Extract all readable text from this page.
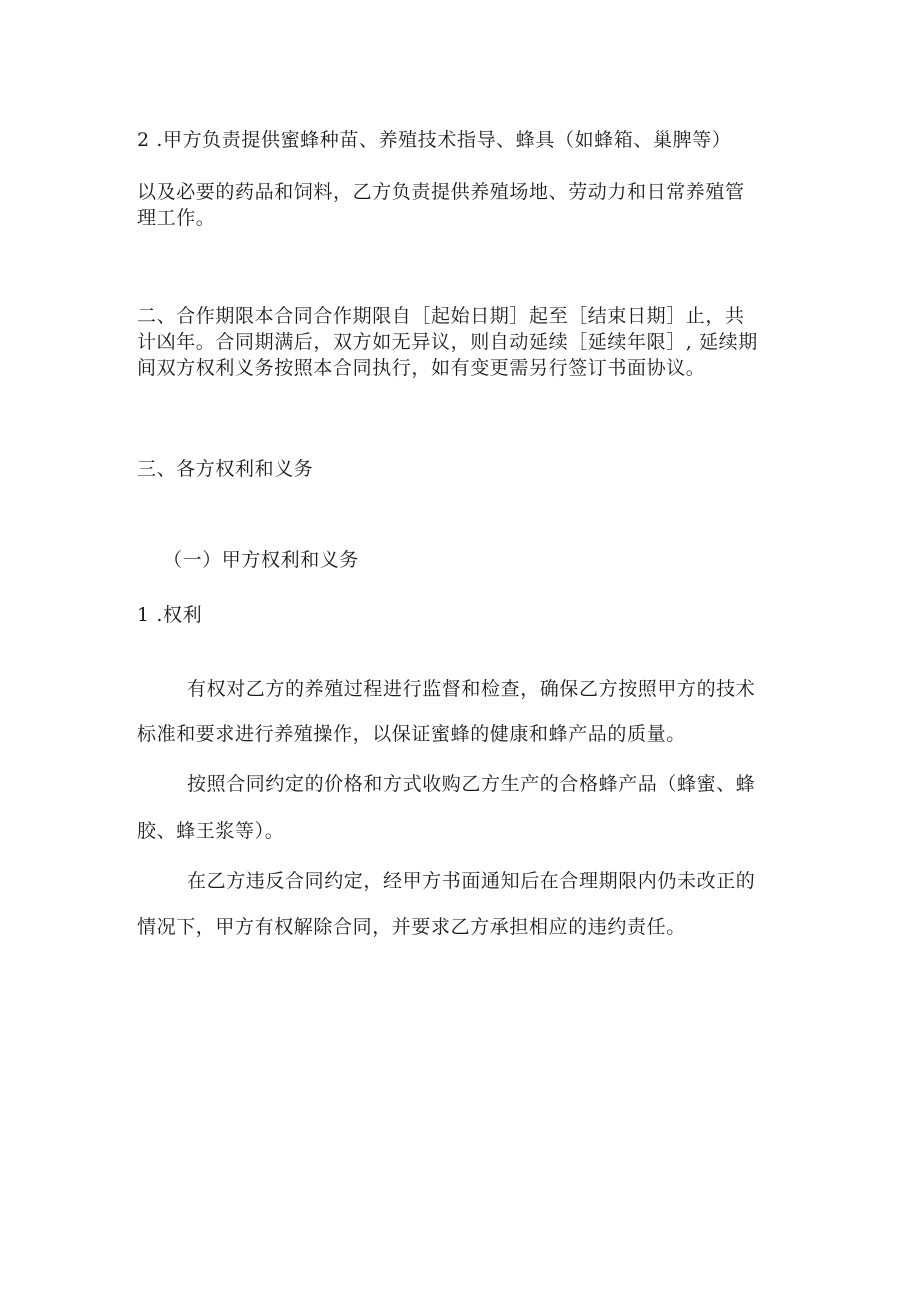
2 .甲方负责提供蜜蜂种苗、养殖技术指导、蜂具（如蜂箱、巢脾等）
以及必要的药品和饲料，乙方负责提供养殖场地、劳动力和日常养殖管
理工作。
二、合作期限本合同合作期限自［起始日期］起至［结束日期］止，共
计凶年。合同期满后，双方如无异议，则自动延续［延续年限］, 延续期
间双方权利义务按照本合同执行，如有变更需另行签订书面协议。
三、各方权利和义务
（一）甲方权利和义务
1 .权利
有权对乙方的养殖过程进行监督和检查，确保乙方按照甲方的技术
标准和要求进行养殖操作，以保证蜜蜂的健康和蜂产品的质量。
按照合同约定的价格和方式收购乙方生产的合格蜂产品（蜂蜜、蜂
胶、蜂王浆等）。
在乙方违反合同约定，经甲方书面通知后在合理期限内仍未改正的
情况下，甲方有权解除合同，并要求乙方承担相应的违约责任。
